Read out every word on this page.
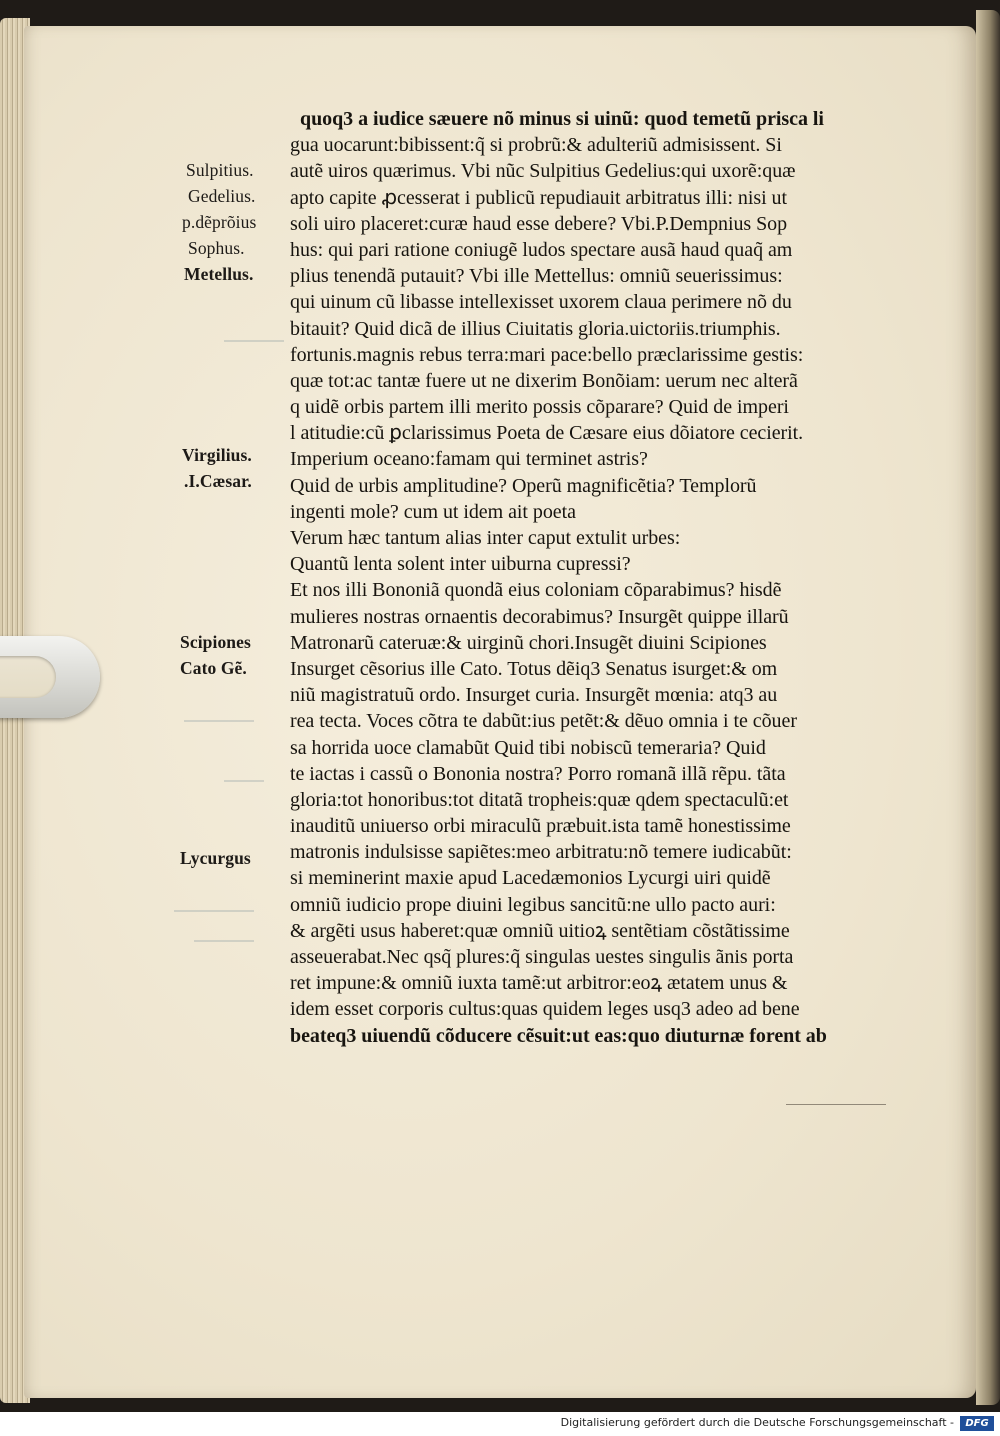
Sulpitius.
Gedelius.
p.dẽprõius
Sophus.
Metellus.
Virgilius.
.I.Cæsar.
Scipiones
Cato Gẽ.
Lycurgus
quoq3 a iudice sæuere nõ minus si uinũ: quod temetũ prisca li
gua uocarunt:bibissent:q̃ si probrũ:& adulteriũ admisissent. Si
autẽ uiros quærimus. Vbi nũc Sulpitius Gedelius:qui uxorẽ:quæ
apto capite ꝓcesserat i publicũ repudiauit arbitratus illi: nisi ut
soli uiro placeret:curæ haud esse debere? Vbi.P.Dempnius Sop
hus: qui pari ratione coniugẽ ludos spectare ausã haud quaq̃ am
plius tenendã putauit? Vbi ille Mettellus: omniũ seuerissimus:
qui uinum cũ libasse intellexisset uxorem claua perimere nõ du
bitauit? Quid dicã de illius Ciuitatis gloria.uictoriis.triumphis.
fortunis.magnis rebus terra:mari pace:bello præclarissime gestis:
quæ tot:ac tantæ fuere ut ne dixerim Bonõiam: uerum nec alterã
q uidẽ orbis partem illi merito possis cõparare? Quid de imperi
l atitudie:cũ ꝑclarissimus Poeta de Cæsare eius dõiatore cecierit.
Imperium oceano:famam qui terminet astris?
Quid de urbis amplitudine? Operũ magnificẽtia? Templorũ
ingenti mole? cum ut idem ait poeta
Verum hæc tantum alias inter caput extulit urbes:
Quantũ lenta solent inter uiburna cupressi?
Et nos illi Bononiã quondã eius coloniam cõparabimus? hisdẽ
mulieres nostras ornaentis decorabimus? Insurgẽt quippe illarũ
Matronarũ cateruæ:& uirginũ chori.Insugẽt diuini Scipiones
Insurget cẽsorius ille Cato. Totus dẽiq3 Senatus isurget:& om
niũ magistratuũ ordo. Insurget curia. Insurgẽt mœnia: atq3 au
rea tecta. Voces cõtra te dabũt:ius petẽt:& dẽuo omnia i te cõuer
sa horrida uoce clamabũt Quid tibi nobiscũ temeraria? Quid
te iactas i cassũ o Bononia nostra? Porro romanã illã rẽpu. tãta
gloria:tot honoribus:tot ditatã tropheis:quæ qdem spectaculũ:et
inauditũ uniuerso orbi miraculũ præbuit.ista tamẽ honestissime
matronis indulsisse sapiẽtes:meo arbitratu:nõ temere iudicabũt:
si meminerint maxie apud Lacedæmonios Lycurgi uiri quidẽ
omniũ iudicio prope diuini legibus sancitũ:ne ullo pacto auri:
& argẽti usus haberet:quæ omniũ uitioꝝ sentẽtiam cõstãtissime
asseuerabat.Nec qsq̃ plures:q̃ singulas uestes singulis ãnis porta
ret impune:& omniũ iuxta tamẽ:ut arbitror:eoꝝ ætatem unus &
idem esset corporis cultus:quas quidem leges usq3 adeo ad bene
beateq3 uiuendũ cõducere cẽsuit:ut eas:quo diuturnæ forent ab
Digitalisierung gefördert durch die Deutsche Forschungsgemeinschaft -	DFG
